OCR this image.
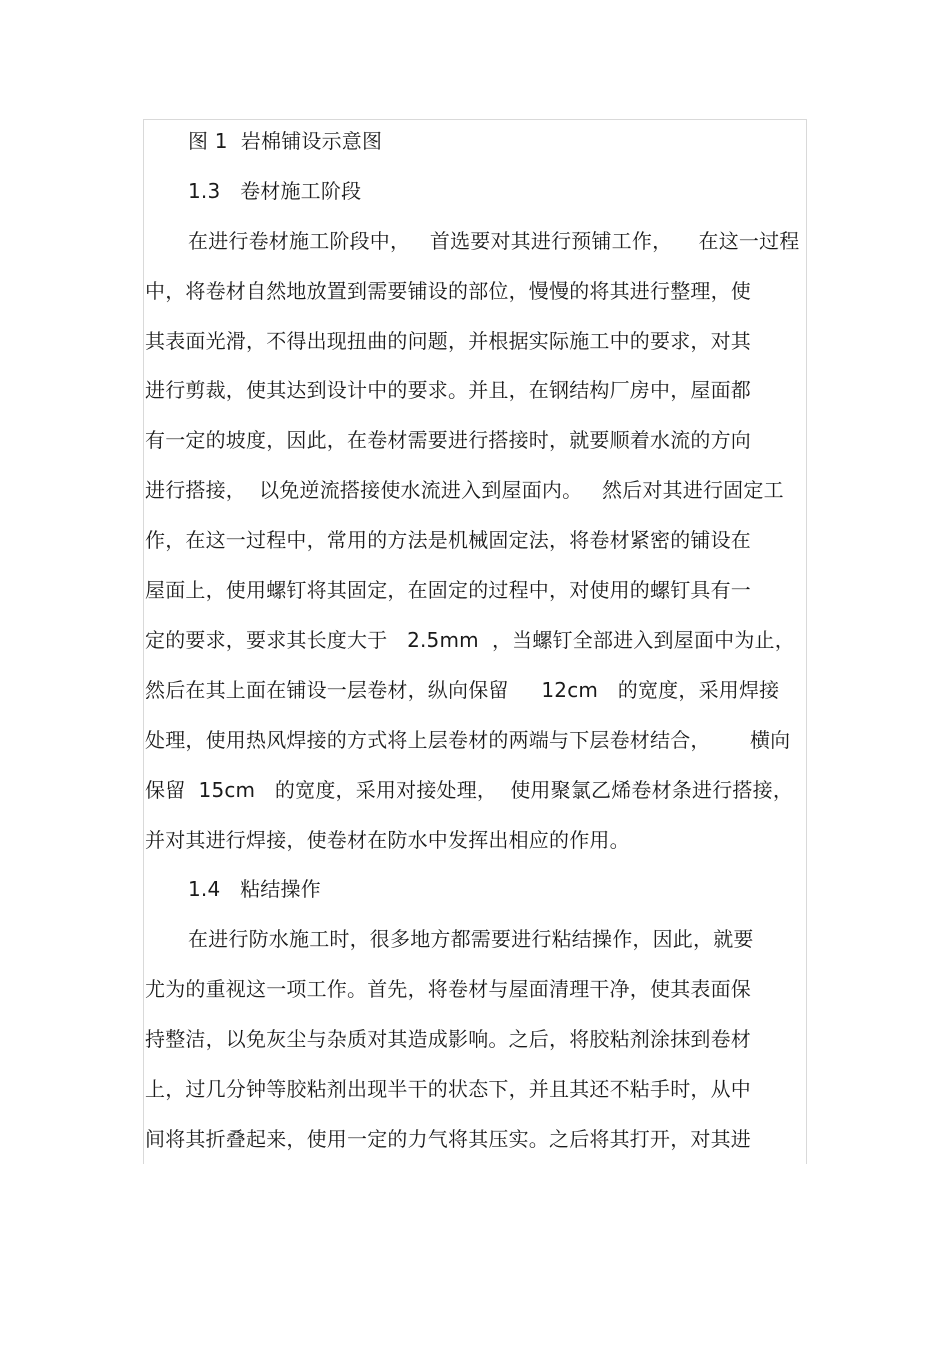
图 1  岩棉铺设示意图
1.3   卷材施工阶段
在进行卷材施工阶段中，   首选要对其进行预铺工作，    在这一过程
中，将卷材自然地放置到需要铺设的部位，慢慢的将其进行整理，使
其表面光滑，不得出现扭曲的问题，并根据实际施工中的要求，对其
进行剪裁，使其达到设计中的要求。并且，在钢结构厂房中，屋面都
有一定的坡度，因此，在卷材需要进行搭接时，就要顺着水流的方向
进行搭接，  以免逆流搭接使水流进入到屋面内。   然后对其进行固定工
作，在这一过程中，常用的方法是机械固定法，将卷材紧密的铺设在
屋面上，使用螺钉将其固定，在固定的过程中，对使用的螺钉具有一
定的要求，要求其长度大于   2.5mm  ，当螺钉全部进入到屋面中为止，
然后在其上面在铺设一层卷材，纵向保留     12cm   的宽度，采用焊接
处理，使用热风焊接的方式将上层卷材的两端与下层卷材结合，      横向
保留  15cm   的宽度，采用对接处理，  使用聚氯乙烯卷材条进行搭接，
并对其进行焊接，使卷材在防水中发挥出相应的作用。
1.4   粘结操作
在进行防水施工时，很多地方都需要进行粘结操作，因此，就要
尤为的重视这一项工作。首先，将卷材与屋面清理干净，使其表面保
持整洁，以免灰尘与杂质对其造成影响。之后，将胶粘剂涂抹到卷材
上，过几分钟等胶粘剂出现半干的状态下，并且其还不粘手时，从中
间将其折叠起来，使用一定的力气将其压实。之后将其打开，对其进
